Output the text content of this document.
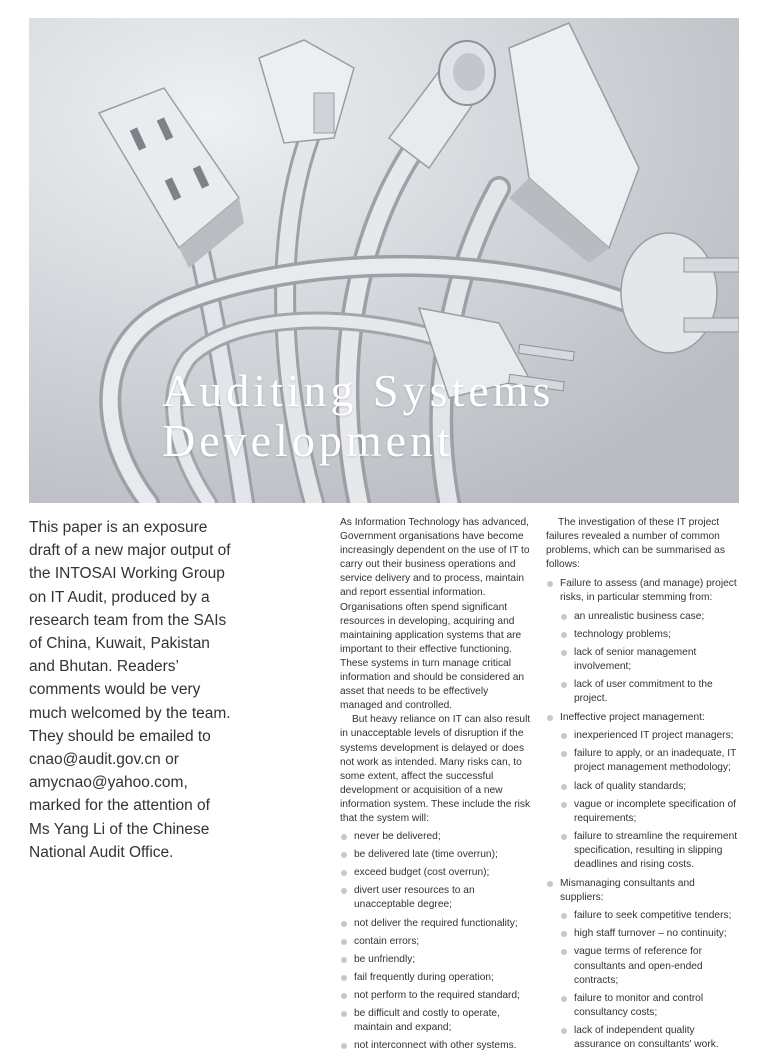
Auditing Systems
Development

This paper is an exposure draft of a new major output of the INTOSAI Working Group on IT Audit, produced by a research team from the SAIs of China, Kuwait, Pakistan and Bhutan. Readers’ comments would be very much welcomed by the team. They should be emailed to cnao@audit.gov.cn or amycnao@yahoo.com, marked for the attention of Ms Yang Li of the Chinese National Audit Office.

As Information Technology has advanced, Government organisations have become increasingly dependent on the use of IT to carry out their business operations and service delivery and to process, maintain and report essential information. Organisations often spend significant resources in developing, acquiring and maintaining application systems that are important to their effective functioning. These systems in turn manage critical information and should be considered an asset that needs to be effectively managed and controlled.

But heavy reliance on IT can also result in unacceptable levels of disruption if the systems development is delayed or does not work as intended. Many risks can, to some extent, affect the successful development or acquisition of a new information system. These include the risk that the system will:

never be delivered;
be delivered late (time overrun);
exceed budget (cost overrun);
divert user resources to an unacceptable degree;
not deliver the required functionality;
contain errors;
be unfriendly;
fail frequently during operation;
not perform to the required standard;
be difficult and costly to operate, maintain and expand;
not interconnect with other systems.

The investigation of these IT project failures revealed a number of common problems, which can be summarised as follows:

Failure to assess (and manage) project risks, in particular stemming from:
an unrealistic business case;
technology problems;
lack of senior management involvement;
lack of user commitment to the project.
Ineffective project management:
inexperienced IT project managers;
failure to apply, or an inadequate, IT project management methodology;
lack of quality standards;
vague or incomplete specification of requirements;
failure to streamline the requirement specification, resulting in slipping deadlines and rising costs.
Mismanaging consultants and suppliers:
failure to seek competitive tenders;
high staff turnover – no continuity;
vague terms of reference for consultants and open-ended contracts;
failure to monitor and control consultancy costs;
lack of independent quality assurance on consultants' work.
